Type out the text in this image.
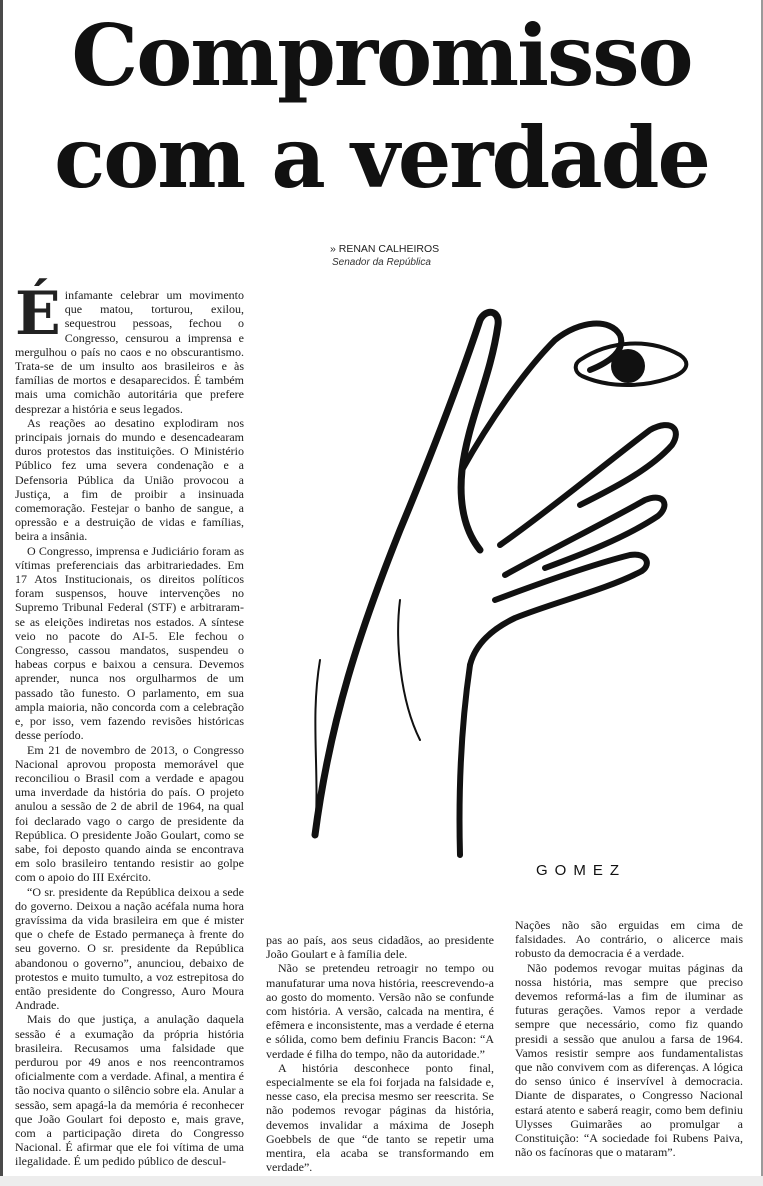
Compromisso
com a verdade
» RENAN CALHEIROS
Senador da República
É infamante celebrar um movimento que matou, torturou, exilou, sequestrou pessoas, fechou o Congresso, censurou a imprensa e mergulhou o país no caos e no obscurantismo. Trata-se de um insulto aos brasileiros e às famílias de mortos e desaparecidos. É também mais uma comichão autoritária que prefere desprezar a história e seus legados.

As reações ao desatino explodiram nos principais jornais do mundo e desencadearam duros protestos das instituições. O Ministério Público fez uma severa condenação e a Defensoria Pública da União provocou a Justiça, a fim de proibir a insinuada comemoração. Festejar o banho de sangue, a opressão e a destruição de vidas e famílias, beira a insânia.

O Congresso, imprensa e Judiciário foram as vítimas preferenciais das arbitrariedades. Em 17 Atos Institucionais, os direitos políticos foram suspensos, houve intervenções no Supremo Tribunal Federal (STF) e arbitraram-se as eleições indiretas nos estados. A síntese veio no pacote do AI-5. Ele fechou o Congresso, cassou mandatos, suspendeu o habeas corpus e baixou a censura. Devemos aprender, nunca nos orgulharmos de um passado tão funesto. O parlamento, em sua ampla maioria, não concorda com a celebração e, por isso, vem fazendo revisões históricas desse período.

Em 21 de novembro de 2013, o Congresso Nacional aprovou proposta memorável que reconciliou o Brasil com a verdade e apagou uma inverdade da história do país. O projeto anulou a sessão de 2 de abril de 1964, na qual foi declarado vago o cargo de presidente da República. O presidente João Goulart, como se sabe, foi deposto quando ainda se encontrava em solo brasileiro tentando resistir ao golpe com o apoio do III Exército.

“O sr. presidente da República deixou a sede do governo. Deixou a nação acéfala numa hora gravíssima da vida brasileira em que é mister que o chefe de Estado permaneça à frente do seu governo. O sr. presidente da República abandonou o governo”, anunciou, debaixo de protestos e muito tumulto, a voz estrepitosa do então presidente do Congresso, Auro Moura Andrade.

Mais do que justiça, a anulação daquela sessão é a exumação da própria história brasileira. Recusamos uma falsidade que perdurou por 49 anos e nos reencontramos oficialmente com a verdade. Afinal, a mentira é tão nociva quanto o silêncio sobre ela. Anular a sessão, sem apagá-la da memória é reconhecer que João Goulart foi deposto e, mais grave, com a participação direta do Congresso Nacional. É afirmar que ele foi vítima de uma ilegalidade. É um pedido público de descul-

pas ao país, aos seus cidadãos, ao presidente João Goulart e à família dele.

Não se pretendeu retroagir no tempo ou manufaturar uma nova história, reescrevendo-a ao gosto do momento. Versão não se confunde com história. A versão, calcada na mentira, é efêmera e inconsistente, mas a verdade é eterna e sólida, como bem definiu Francis Bacon: “A verdade é filha do tempo, não da autoridade.”

A história desconhece ponto final, especialmente se ela foi forjada na falsidade e, nesse caso, ela precisa mesmo ser reescrita. Se não podemos revogar páginas da história, devemos invalidar a máxima de Joseph Goebbels de que “de tanto se repetir uma mentira, ela acaba se transformando em verdade”.

Nações não são erguidas em cima de falsidades. Ao contrário, o alicerce mais robusto da democracia é a verdade.

Não podemos revogar muitas páginas da nossa história, mas sempre que preciso devemos reformá-las a fim de iluminar as futuras gerações. Vamos repor a verdade sempre que necessário, como fiz quando presidi a sessão que anulou a farsa de 1964. Vamos resistir sempre aos fundamentalistas que não convivem com as diferenças. A lógica do senso único é inservível à democracia. Diante de disparates, o Congresso Nacional estará atento e saberá reagir, como bem definiu Ulysses Guimarães ao promulgar a Constituição: “A sociedade foi Rubens Paiva, não os facínoras que o mataram”.

GOMEZ
